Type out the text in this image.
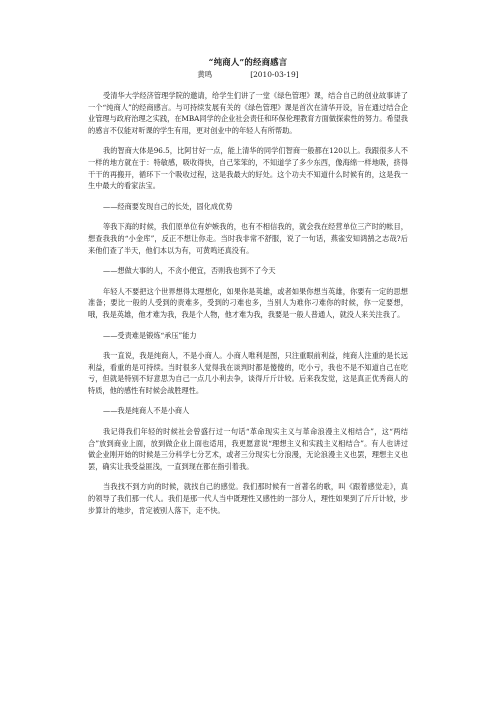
“纯商人”的经商感言
黄鸣	[2010-03-19]

受清华大学经济管理学院的邀请，给学生们讲了一堂《绿色管理》课，结合自己的创业故事讲了一个“纯商人”的经商感言。与可持续发展有关的《绿色管理》课是首次在清华开设，旨在通过结合企业管理与政府治理之实践，在MBA同学的企业社会责任和环保伦理教育方面做探索性的努力。希望我的感言不仅能对听课的学生有用，更对创业中的年轻人有所帮助。

我的智商大体是96.5，比阿甘好一点，能上清华的同学们智商一般都在120以上。我跟很多人不一样的地方就在于：特敏感，吸收得快，自己笨笨的，不知道学了多少东西，像海绵一样地吸，挤得干干的再搬开，循环下一个吸收过程，这是我最大的好处。这个功夫不知道什么时候有的，这是我一生中最大的看家法宝。

——经商要发现自己的长处，固化成优势

等我下海的时候，我们原单位有妒嫉我的，也有不相信我的，就会我在经营单位三产时的帐目，想查我我的“小金库”，反正不想让你走。当时我非常不舒服，说了一句话，燕雀安知鸿鹄之志哉?后来他们查了半天，他们本以为有，可黄鸣还真没有。

——想做大事的人，不贪小便宜，否则我也到不了今天

年轻人不要把这个世界想得太理想化，如果你是英雄，或者如果你想当英雄，你要有一定的思想准备；要比一般的人受到的责难多，受到的刁难也多，当别人为难你刁难你的时候，你一定要想，哦，我是英雄，他才难为我，我是个人物，他才难为我，我要是一般人普通人，就没人来关注我了。

——受责难是锻炼“承压”能力

我一直说，我是纯商人，不是小商人。小商人唯利是图，只注重眼前利益，纯商人注重的是长远利益，看重的是可持续。当时很多人觉得我在谈判时都是傻傻的，吃小亏，我也不是不知道自己在吃亏，但就是特别不好意思为自己一点几小利去争，谈得斤斤计较。后来我发觉，这是真正优秀商人的特质，他的感性有时候会战胜理性。

——我是纯商人不是小商人

我记得我们年轻的时候社会曾盛行过一句话“革命现实主义与革命浪漫主义相结合”，这“两结合”放到商业上面，放到做企业上面也适用，我更愿意说“理想主义和实践主义相结合”。有人也讲过做企业刚开始的时候是三分科学七分艺术，或者三分现实七分浪漫，无论浪漫主义也罢，理想主义也罢，确实让我受益匪浅，一直到现在都在指引着我。

当我找不到方向的时候，就找自己的感觉。我们那时候有一首著名的歌，叫《跟着感觉走》，真的领导了我们那一代人。我们是那一代人当中既理性又感性的一部分人，理性如果到了斤斤计较，步步算计的地步，肯定被别人落下，走不快。
